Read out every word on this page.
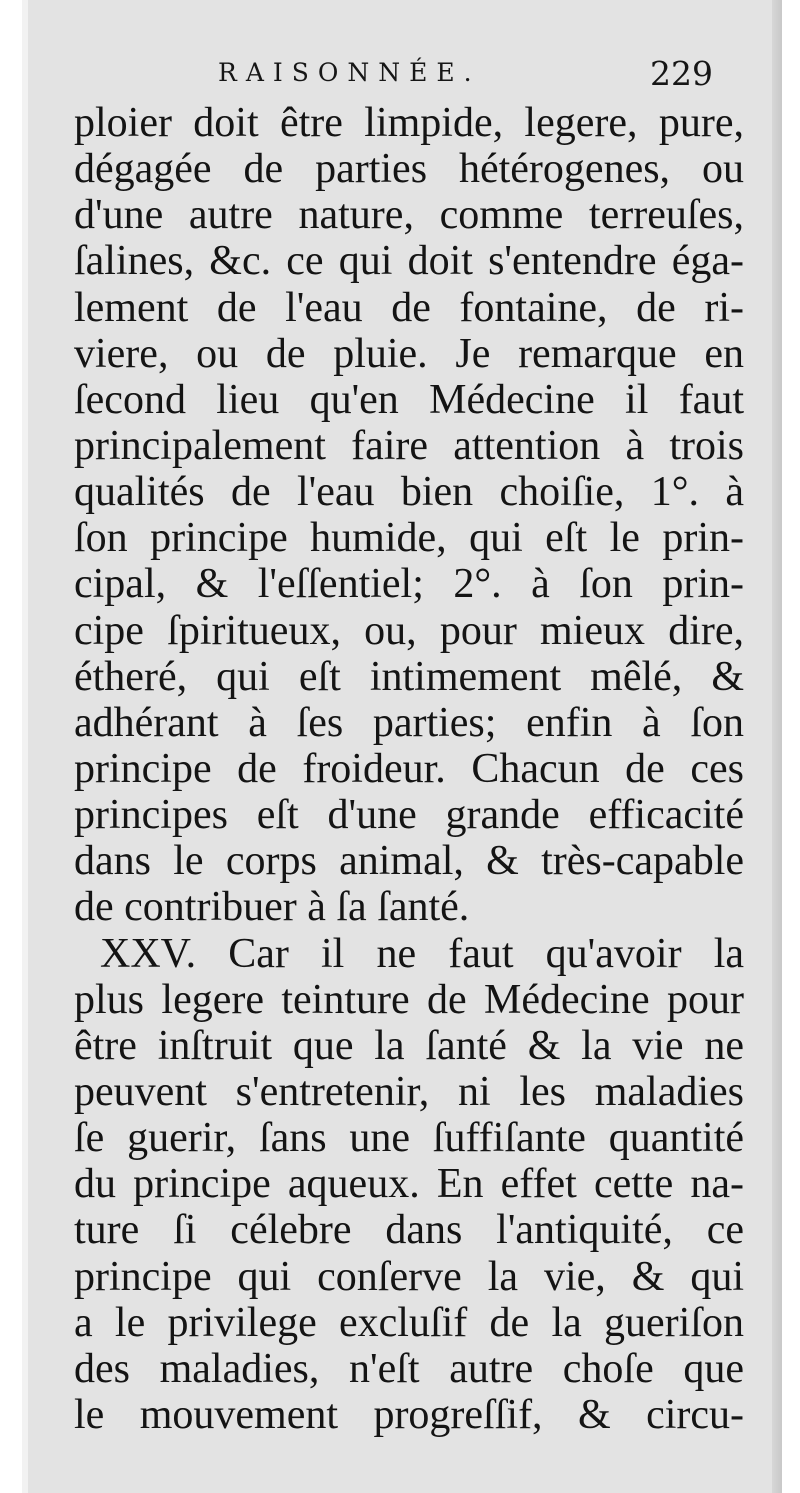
RAISONNÉE.	229
ploier doit être limpide, legere, pure,
dégagée de parties hétérogenes, ou
d'une autre nature, comme terreuſes,
ſalines, &c. ce qui doit s'entendre éga-
lement de l'eau de fontaine, de ri-
viere, ou de pluie. Je remarque en
ſecond lieu qu'en Médecine il faut
principalement faire attention à trois
qualités de l'eau bien choiſie, 1°. à
ſon principe humide, qui eſt le prin-
cipal, & l'eſſentiel; 2°. à ſon prin-
cipe ſpiritueux, ou, pour mieux dire,
étheré, qui eſt intimement mêlé, &
adhérant à ſes parties; enfin à ſon
principe de froideur. Chacun de ces
principes eſt d'une grande efficacité
dans le corps animal, & très-capable
de contribuer à ſa ſanté.
XXV. Car il ne faut qu'avoir la
plus legere teinture de Médecine pour
être inſtruit que la ſanté & la vie ne
peuvent s'entretenir, ni les maladies
ſe guerir, ſans une ſuffiſante quantité
du principe aqueux. En effet cette na-
ture ſi célebre dans l'antiquité, ce
principe qui conſerve la vie, & qui
a le privilege excluſif de la gueriſon
des maladies, n'eſt autre choſe que
le mouvement progreſſif, & circu-
